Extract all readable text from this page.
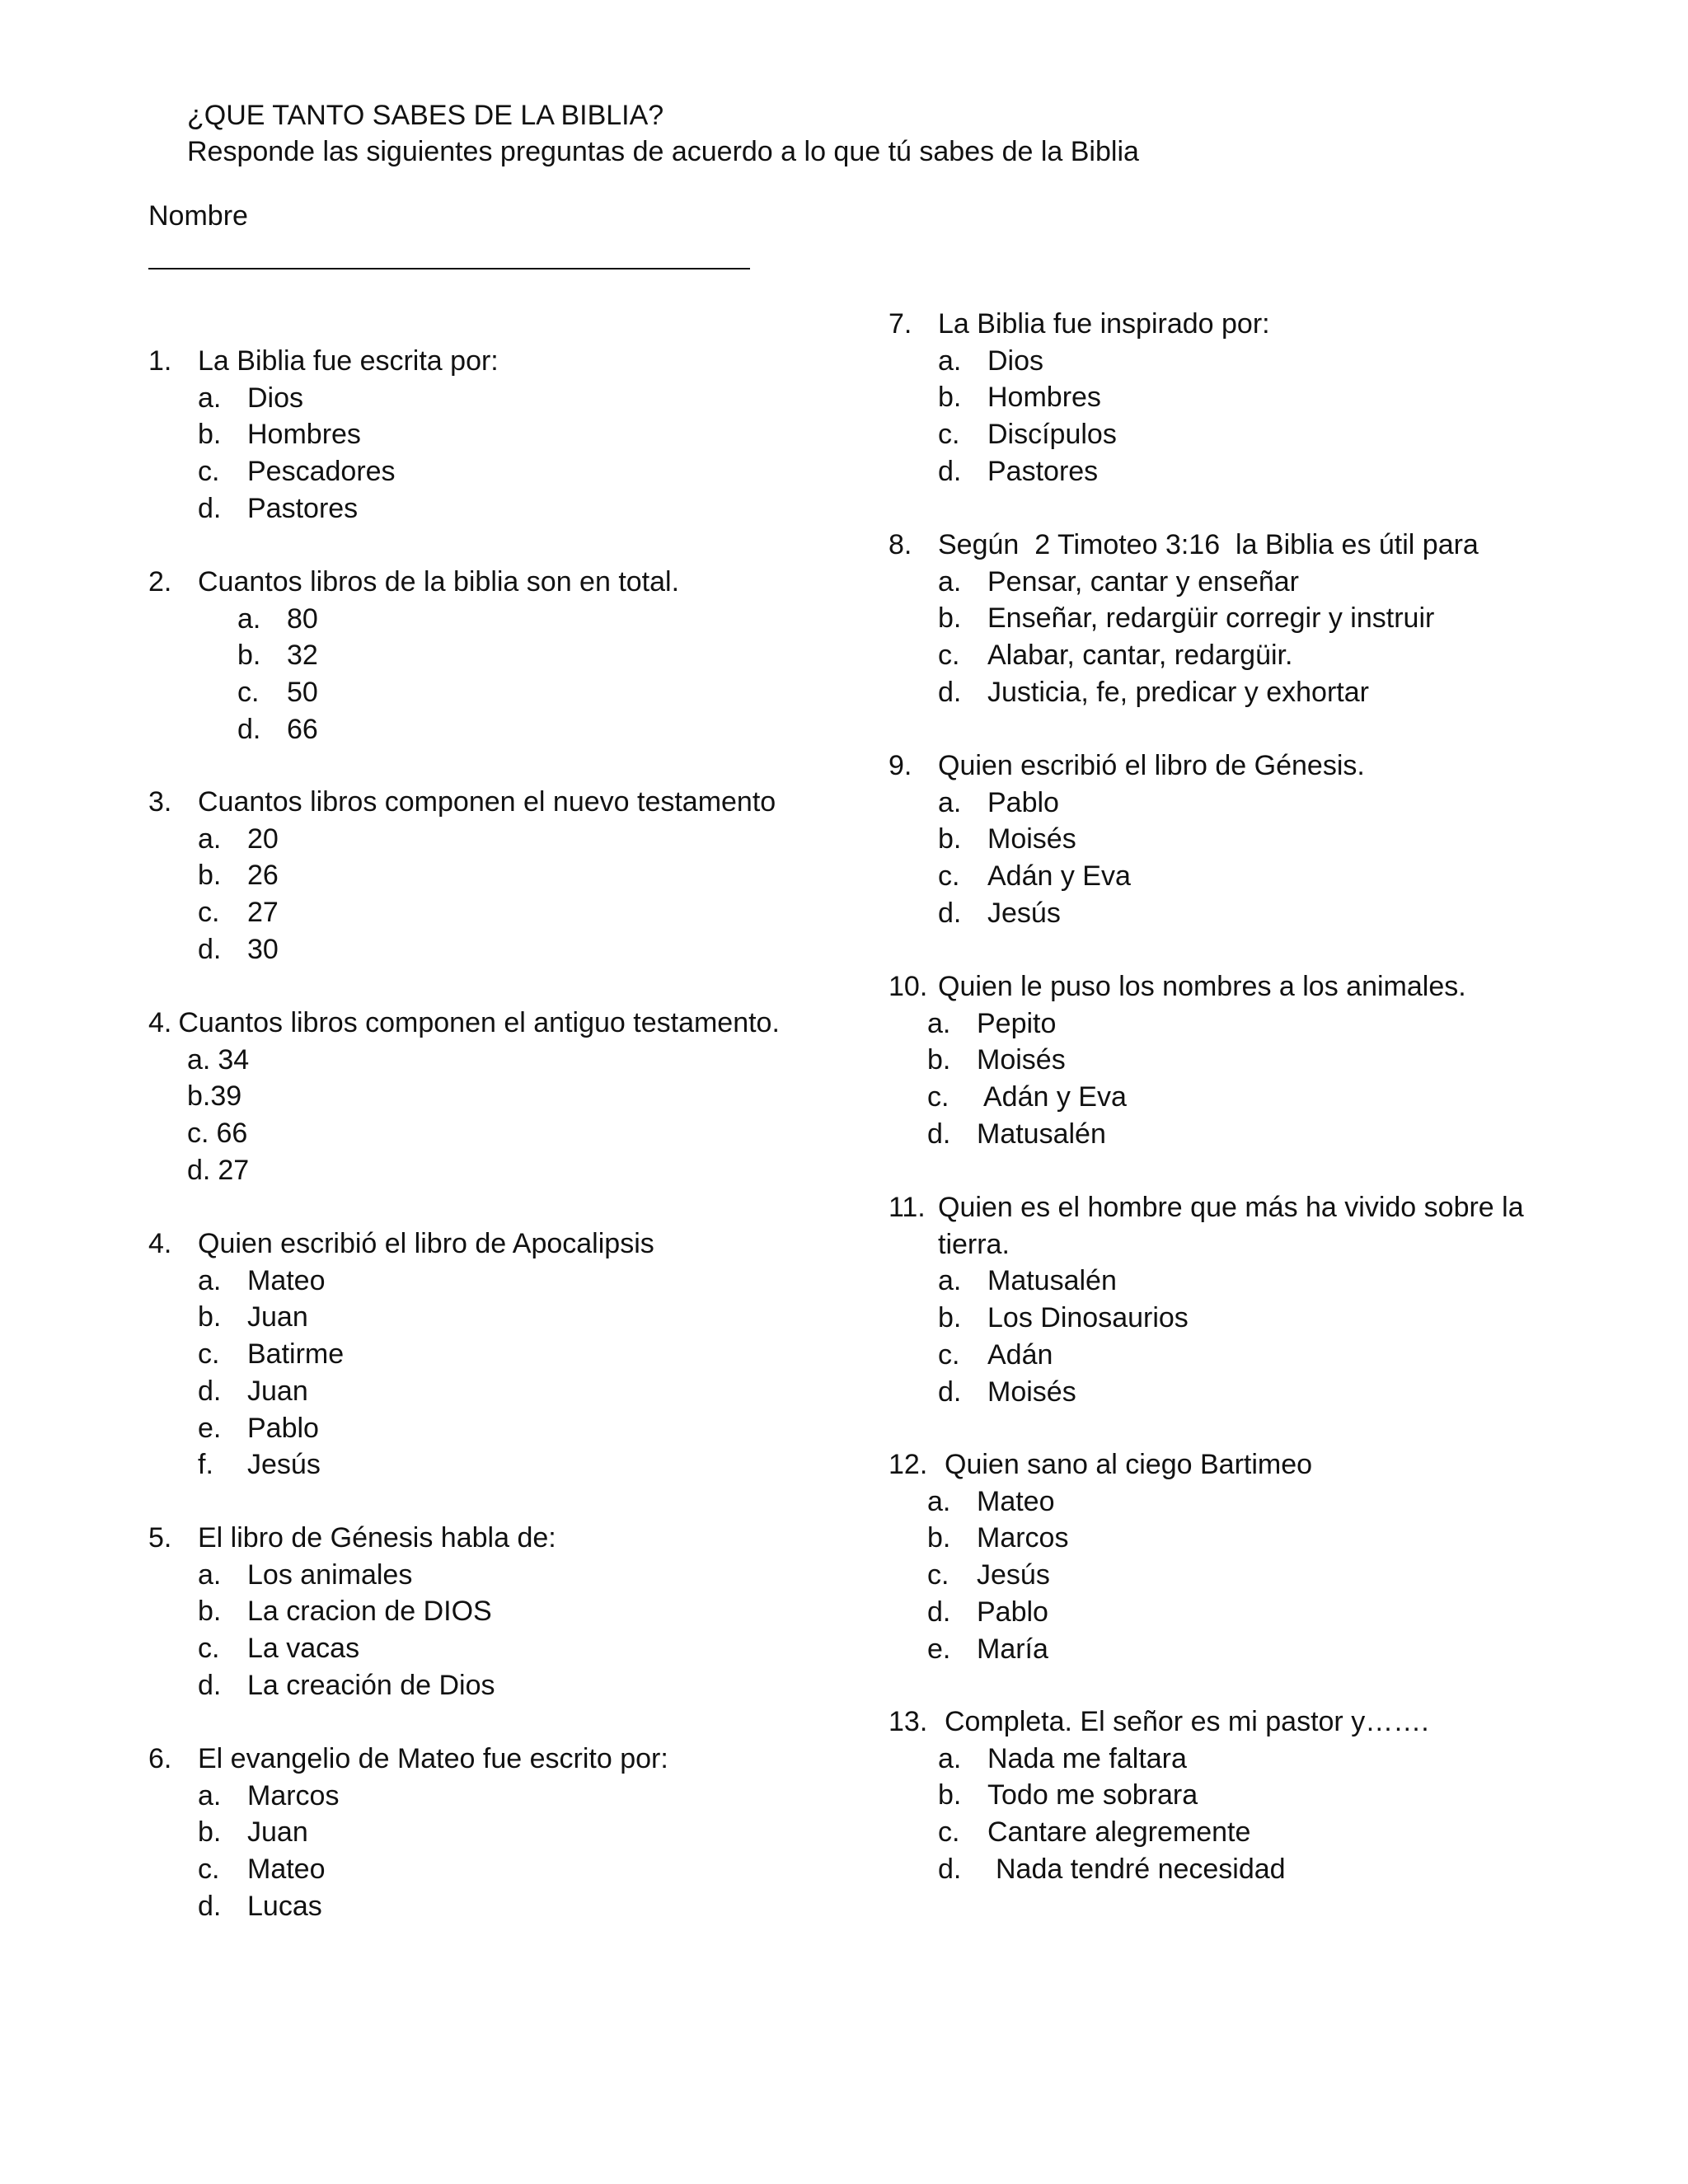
¿QUE TANTO SABES DE LA BIBLIA?
Responde las siguientes preguntas de acuerdo a lo que tú sabes de la Biblia
Nombre
1. La Biblia fue escrita por:
a. Dios
b. Hombres
c. Pescadores
d. Pastores
2. Cuantos libros de la biblia son en total.
a. 80
b. 32
c. 50
d. 66
3. Cuantos libros componen el nuevo testamento
a. 20
b. 26
c. 27
d. 30
4. Cuantos libros componen el antiguo testamento.
a. 34
b. 39
c. 66
d. 27
4. Quien escribió el libro de Apocalipsis
a. Mateo
b. Juan
c. Batirme
d. Juan
e. Pablo
f.	Jesús
5. El libro de Génesis habla de:
a. Los animales
b. La cracion de DIOS
c. La vacas
d. La creación de Dios
6. El evangelio de Mateo fue escrito por:
a. Marcos
b. Juan
c. Mateo
d. Lucas
7. La Biblia fue inspirado por:
a. Dios
b. Hombres
c. Discípulos
d. Pastores
8. Según  2 Timoteo 3:16  la Biblia es útil para
a. Pensar, cantar y enseñar
b. Enseñar, redargüir corregir y instruir
c. Alabar, cantar, redargüir.
d. Justicia, fe, predicar y exhortar
9. Quien escribió el libro de Génesis.
a. Pablo
b. Moisés
c. Adán y Eva
d. Jesús
10. Quien le puso los nombres a los animales.
a. Pepito
b. Moisés
c.	Adán y Eva
d. Matusalén
11. Quien es el hombre que más ha vivido sobre la tierra.
a. Matusalén
b. Los Dinosaurios
c. Adán
d. Moisés
12. Quien sano al ciego Bartimeo
a. Mateo
b. Marcos
c. Jesús
d. Pablo
e. María
13. Completa. El señor es mi pastor y…….
a. Nada me faltara
b. Todo me sobrara
c. Cantare alegremente
d.	Nada tendré necesidad
